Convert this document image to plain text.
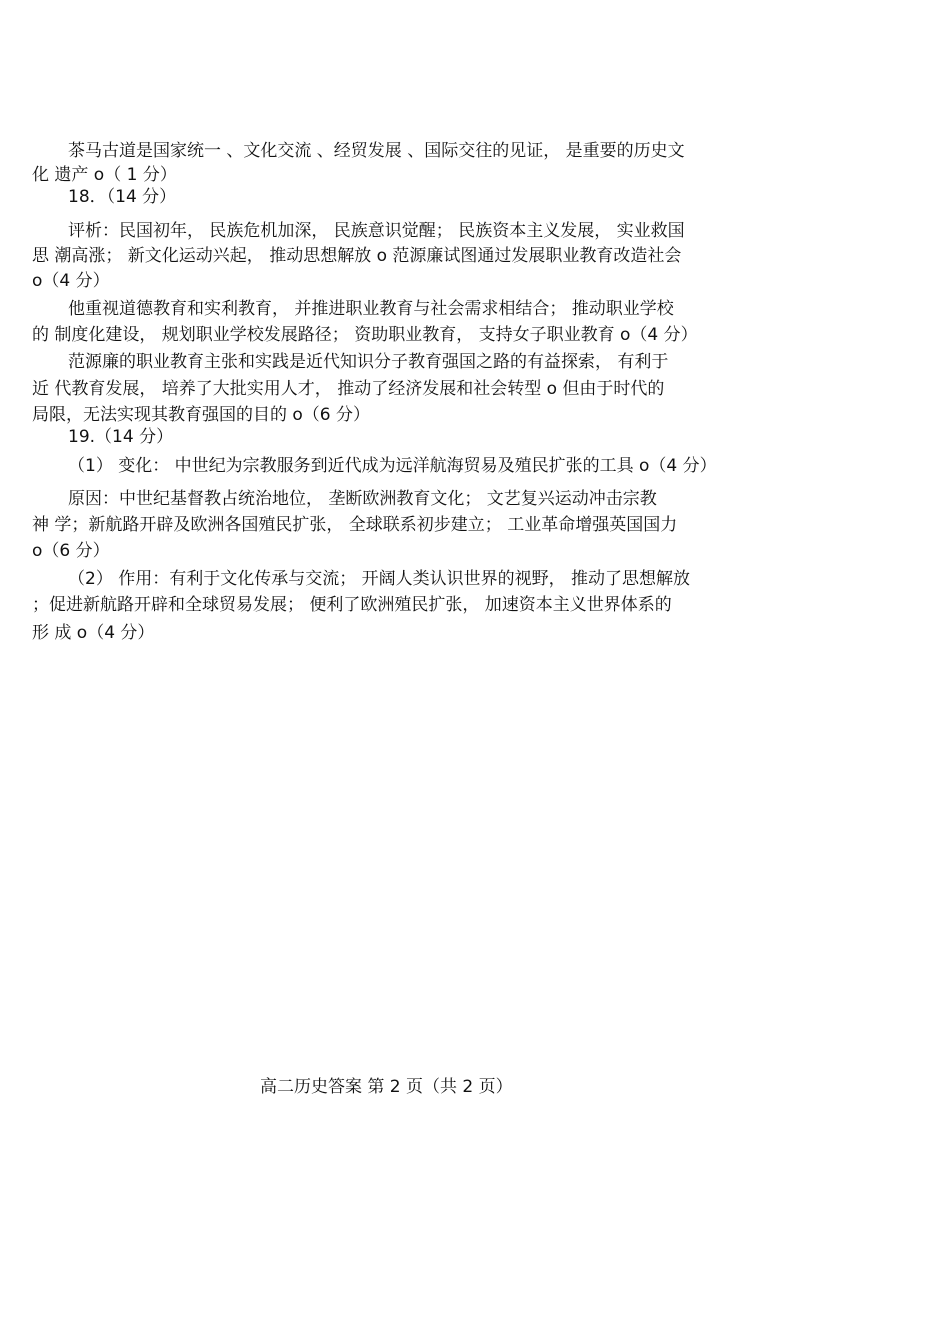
茶马古道是国家统一 、文化交流 、经贸发展 、国际交往的见证， 是重要的历史文
化 遗产 o（ 1 分）
18．（14 分）
评析：民国初年， 民族危机加深， 民族意识觉醒； 民族资本主义发展， 实业救国
思 潮高涨； 新文化运动兴起， 推动思想解放 o 范源廉试图通过发展职业教育改造社会
o（4 分）
他重视道德教育和实利教育， 并推进职业教育与社会需求相结合； 推动职业学校
的 制度化建设， 规划职业学校发展路径； 资助职业教育， 支持女子职业教育 o（4 分）
范源廉的职业教育主张和实践是近代知识分子教育强国之路的有益探索， 有利于
近 代教育发展， 培养了大批实用人才， 推动了经济发展和社会转型 o 但由于时代的
局限，无法实现其教育强国的目的 o（6 分）
19.（14 分）
（1） 变化： 中世纪为宗教服务到近代成为远洋航海贸易及殖民扩张的工具 o（4 分）
原因：中世纪基督教占统治地位， 垄断欧洲教育文化； 文艺复兴运动冲击宗教
神 学；新航路开辟及欧洲各国殖民扩张， 全球联系初步建立； 工业革命增强英国国力
o（6 分）
（2） 作用：有利于文化传承与交流； 开阔人类认识世界的视野， 推动了思想解放
；促进新航路开辟和全球贸易发展； 便利了欧洲殖民扩张， 加速资本主义世界体系的
形 成 o（4 分）
高二历史答案 第 2 页（共 2 页）
